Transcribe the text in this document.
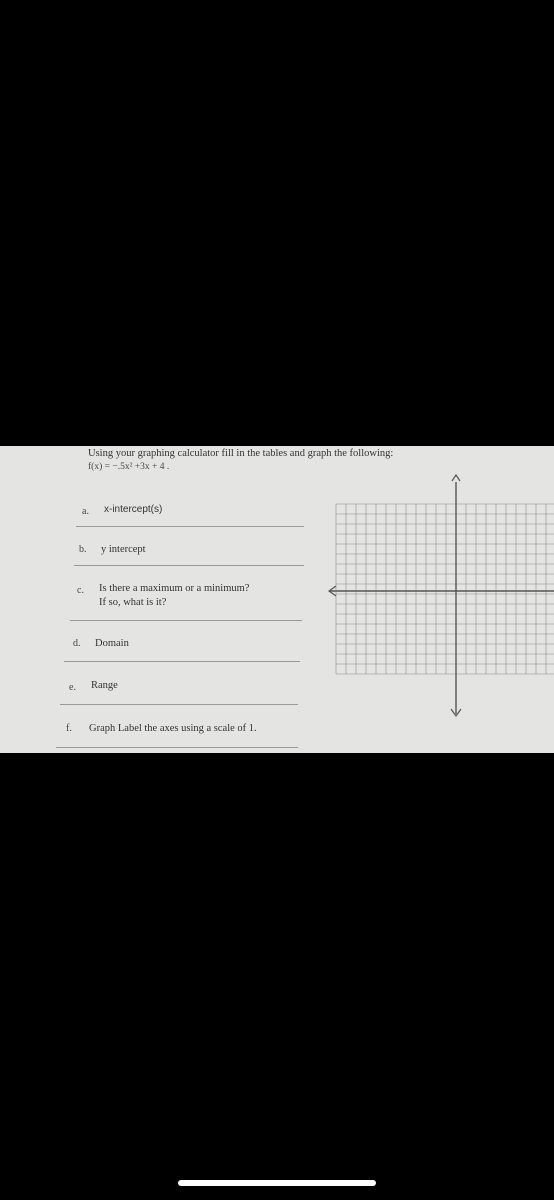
Using your graphing calculator fill in the tables and graph the following:
f(x) = −.5x² +3x + 4 .
a. x-intercept(s)
b. y intercept
c. Is there a maximum or a minimum?
If so, what is it?
d. Domain
e. Range
f. Graph Label the axes using a scale of 1.
